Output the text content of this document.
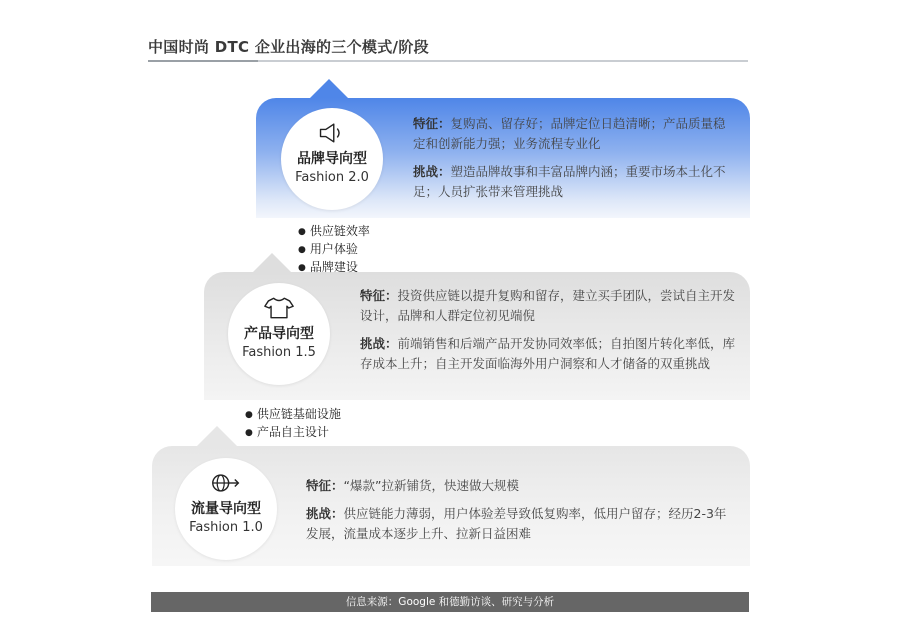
中国时尚 DTC 企业出海的三个模式/阶段
流量导向型
Fashion 1.0

特征：“爆款”拉新铺货，快速做大规模

挑战：供应链能力薄弱，用户体验差导致低复购率，低用户留存；经历2-3年发展，流量成本逐步上升、拉新日益困难

● 供应链基础设施
● 产品自主设计
产品导向型
Fashion 1.5

特征：投资供应链以提升复购和留存，建立买手团队，尝试自主开发设计，品牌和人群定位初见端倪

挑战：前端销售和后端产品开发协同效率低；自拍图片转化率低，库存成本上升；自主开发面临海外用户洞察和人才储备的双重挑战

● 供应链效率
● 用户体验
● 品牌建设
品牌导向型
Fashion 2.0

特征：复购高、留存好；品牌定位日趋清晰；产品质量稳定和创新能力强；业务流程专业化

挑战：塑造品牌故事和丰富品牌内涵；重要市场本土化不足；人员扩张带来管理挑战

信息来源：Google 和德勤访谈、研究与分析
